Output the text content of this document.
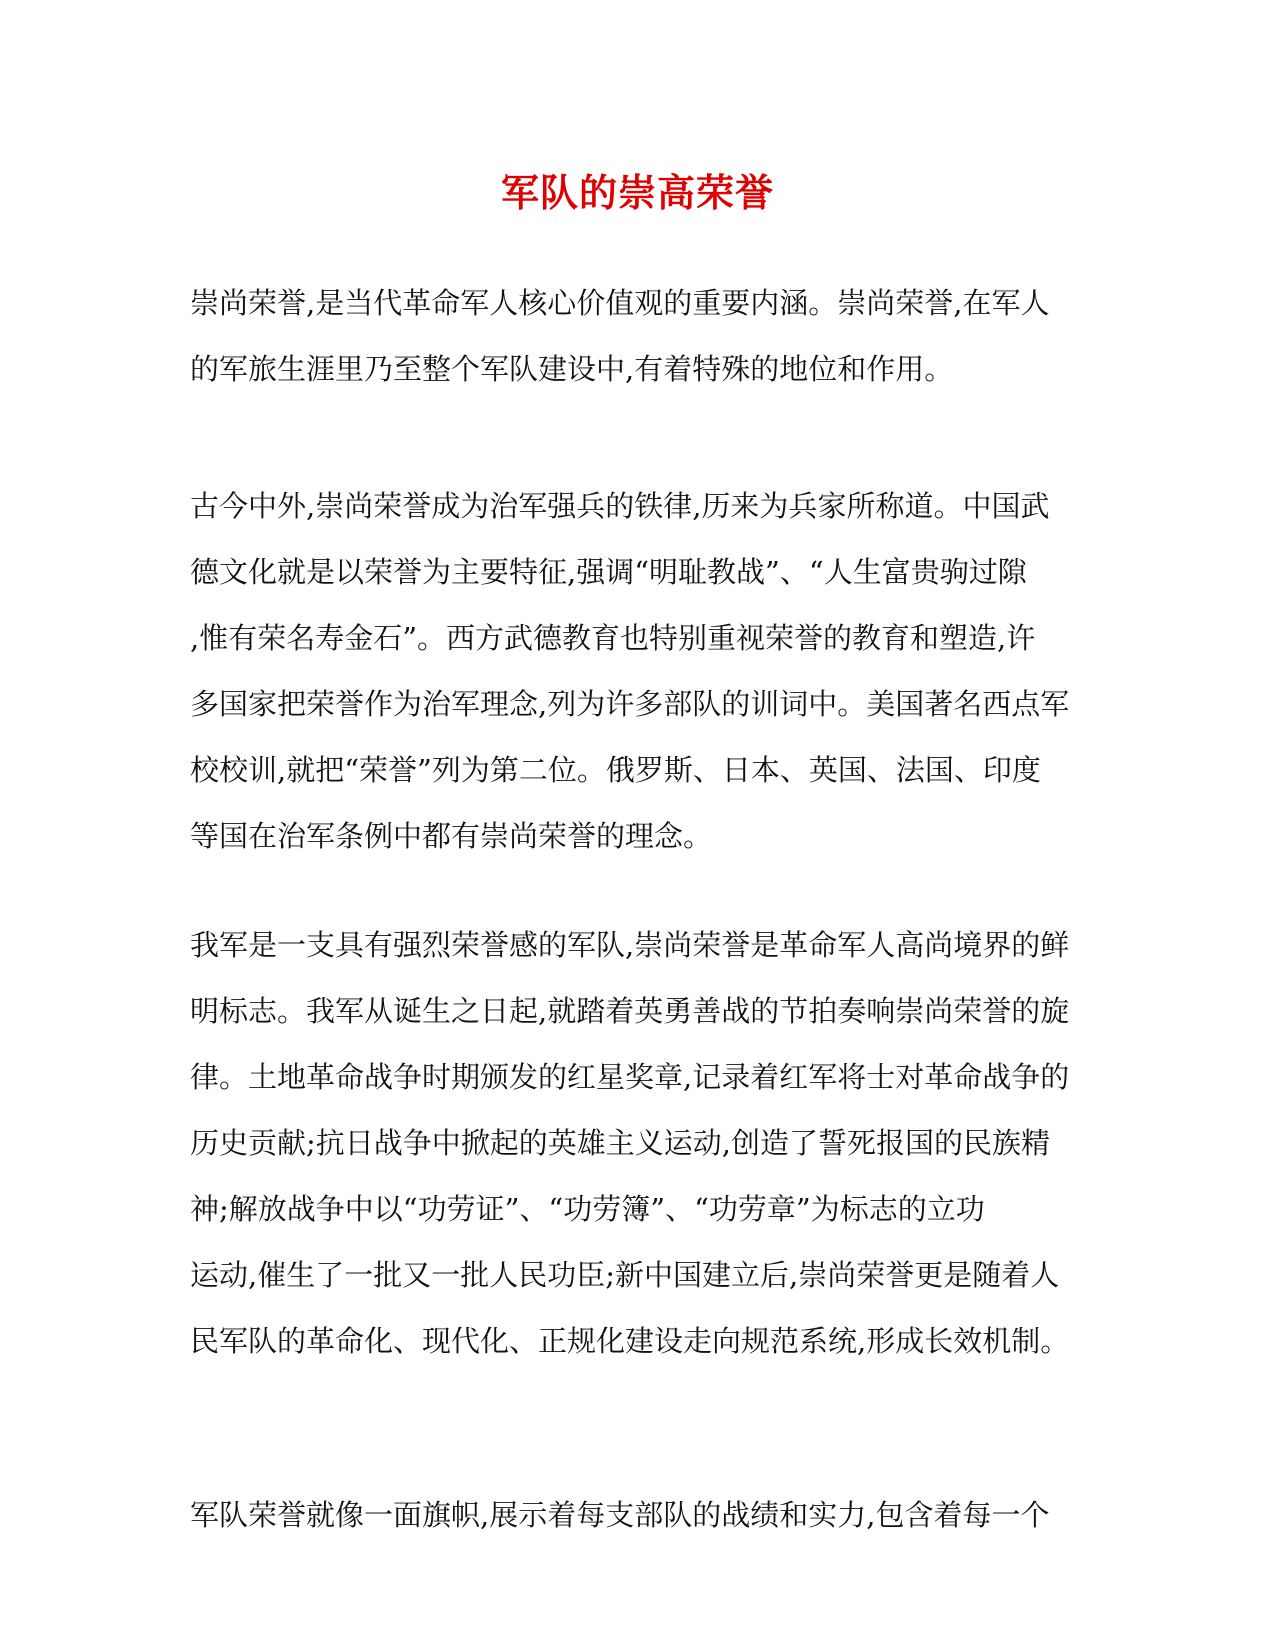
军队的崇高荣誉
崇尚荣誉,是当代革命军人核心价值观的重要内涵。崇尚荣誉,在军人
的军旅生涯里乃至整个军队建设中,有着特殊的地位和作用。
古今中外,崇尚荣誉成为治军强兵的铁律,历来为兵家所称道。中国武
德文化就是以荣誉为主要特征,强调“明耻教战”、“人生富贵驹过隙
,惟有荣名寿金石”。西方武德教育也特别重视荣誉的教育和塑造,许
多国家把荣誉作为治军理念,列为许多部队的训词中。美国著名西点军
校校训,就把“荣誉”列为第二位。俄罗斯、日本、英国、法国、印度
等国在治军条例中都有崇尚荣誉的理念。
我军是一支具有强烈荣誉感的军队,崇尚荣誉是革命军人高尚境界的鲜
明标志。我军从诞生之日起,就踏着英勇善战的节拍奏响崇尚荣誉的旋
律。土地革命战争时期颁发的红星奖章,记录着红军将士对革命战争的
历史贡献;抗日战争中掀起的英雄主义运动,创造了誓死报国的民族精
神;解放战争中以“功劳证”、“功劳簿”、“功劳章”为标志的立功
运动,催生了一批又一批人民功臣;新中国建立后,崇尚荣誉更是随着人
民军队的革命化、现代化、正规化建设走向规范系统,形成长效机制。
军队荣誉就像一面旗帜,展示着每支部队的战绩和实力,包含着每一个
